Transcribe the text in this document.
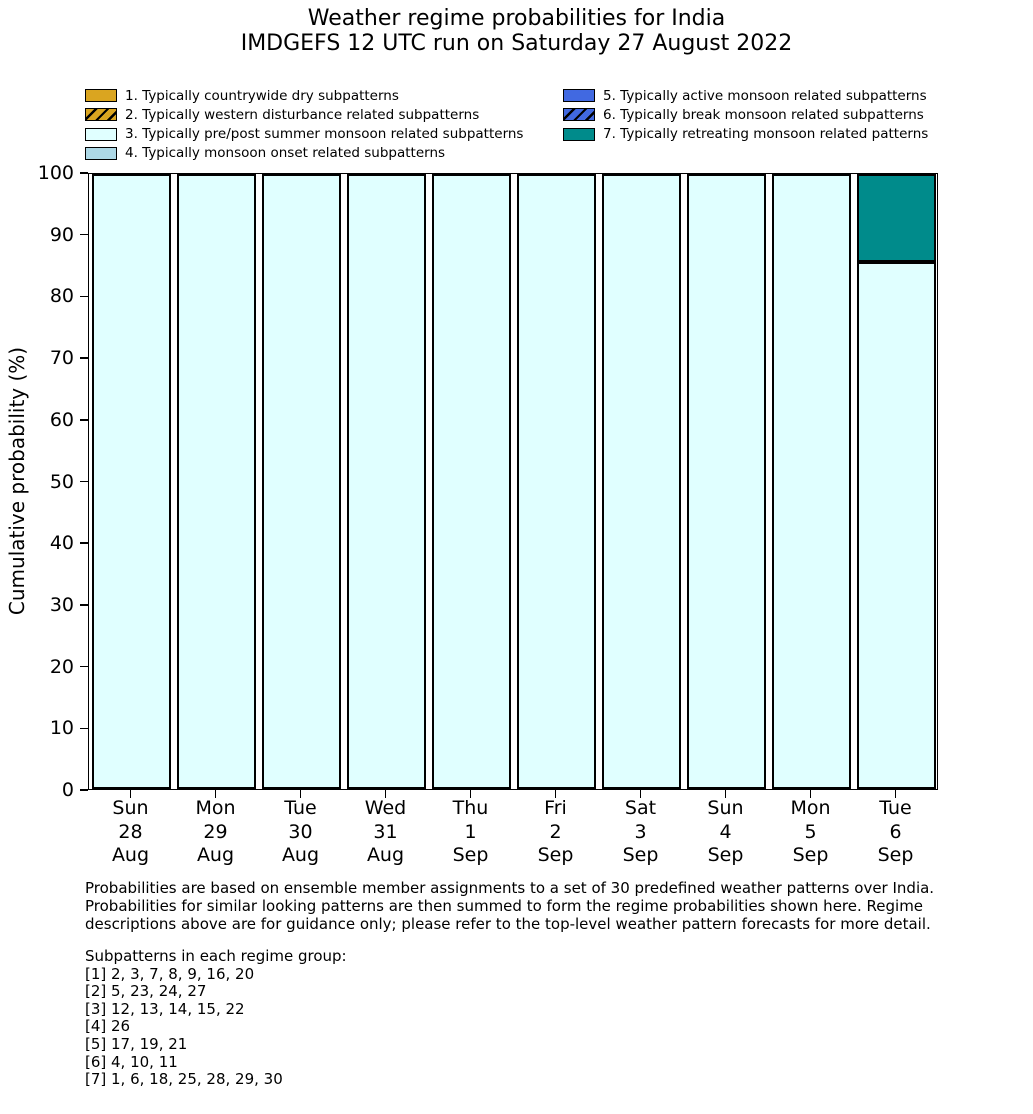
Weather regime probabilities for India
IMDGEFS 12 UTC run on Saturday 27 August 2022
1. Typically countrywide dry subpatterns
2. Typically western disturbance related subpatterns
3. Typically pre/post summer monsoon related subpatterns
4. Typically monsoon onset related subpatterns
5. Typically active monsoon related subpatterns
6. Typically break monsoon related subpatterns
7. Typically retreating monsoon related patterns
Cumulative probability (%)
0
10
20
30
40
50
60
70
80
90
100
Sun
28
Aug
Mon
29
Aug
Tue
30
Aug
Wed
31
Aug
Thu
1
Sep
Fri
2
Sep
Sat
3
Sep
Sun
4
Sep
Mon
5
Sep
Tue
6
Sep
Probabilities are based on ensemble member assignments to a set of 30 predefined weather patterns over India.
Probabilities for similar looking patterns are then summed to form the regime probabilities shown here. Regime
descriptions above are for guidance only; please refer to the top-level weather pattern forecasts for more detail.
Subpatterns in each regime group:
[1] 2, 3, 7, 8, 9, 16, 20
[2] 5, 23, 24, 27
[3] 12, 13, 14, 15, 22
[4] 26
[5] 17, 19, 21
[6] 4, 10, 11
[7] 1, 6, 18, 25, 28, 29, 30
